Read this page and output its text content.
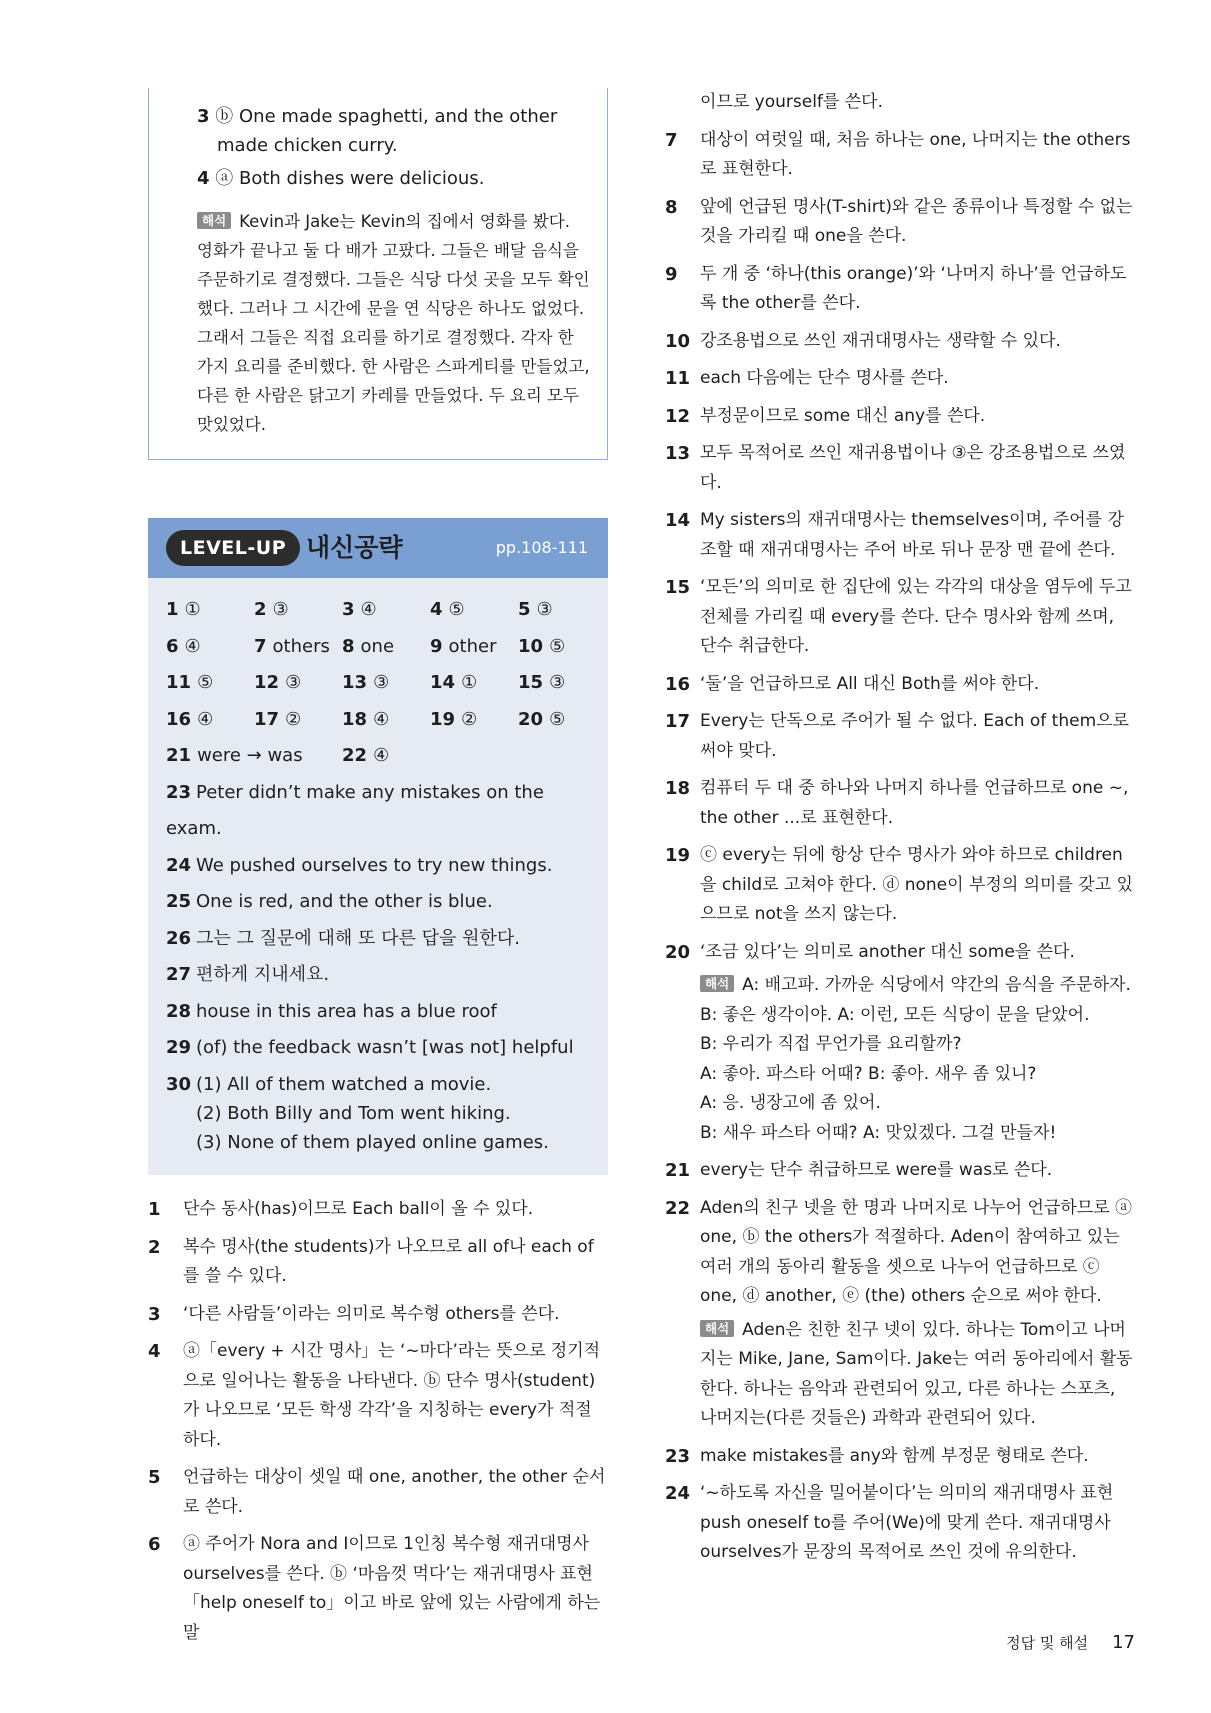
3 ⓑ One made spaghetti, and the other made chicken curry.
4 ⓐ Both dishes were delicious.
해석 Kevin과 Jake는 Kevin의 집에서 영화를 봤다. 영화가 끝나고 둘 다 배가 고팠다. 그들은 배달 음식을 주문하기로 결정했다. 그들은 식당 다섯 곳을 모두 확인했다. 그러나 그 시간에 문을 연 식당은 하나도 없었다. 그래서 그들은 직접 요리를 하기로 결정했다. 각자 한 가지 요리를 준비했다. 한 사람은 스파게티를 만들었고, 다른 한 사람은 닭고기 카레를 만들었다. 두 요리 모두 맛있었다.
LEVEL-UP 내신공략	pp.108-111
1 ①	2 ③	3 ④	4 ⑤	5 ③
6 ④	7 others 8 one	9 other	10 ⑤
11 ⑤	12 ③	13 ③	14 ①	15 ③
16 ④	17 ②	18 ④	19 ②	20 ⑤
21 were → was 22 ④
23 Peter didn’t make any mistakes on the exam.
24 We pushed ourselves to try new things.
25 One is red, and the other is blue.
26 그는 그 질문에 대해 또 다른 답을 원한다.
27 편하게 지내세요.
28 house in this area has a blue roof
29 (of) the feedback wasn’t [was not] helpful
30 (1) All of them watched a movie.
(2) Both Billy and Tom went hiking.
(3) None of them played online games.
1	단수 동사(has)이므로 Each ball이 올 수 있다.
2	복수 명사(the students)가 나오므로 all of나 each of를 쓸 수 있다.
3	‘다른 사람들’이라는 의미로 복수형 others를 쓴다.
4	ⓐ「every + 시간 명사」는 ‘~마다’라는 뜻으로 정기적으로 일어나는 활동을 나타낸다. ⓑ 단수 명사(student)가 나오므로 ‘모든 학생 각각’을 지칭하는 every가 적절하다.
5	언급하는 대상이 셋일 때 one, another, the other 순서로 쓴다.
6	ⓐ 주어가 Nora and I이므로 1인칭 복수형 재귀대명사 ourselves를 쓴다. ⓑ ‘마음껏 먹다’는 재귀대명사 표현「help oneself to」이고 바로 앞에 있는 사람에게 하는 말
이므로 yourself를 쓴다.
7	대상이 여럿일 때, 처음 하나는 one, 나머지는 the others로 표현한다.
8	앞에 언급된 명사(T-shirt)와 같은 종류이나 특정할 수 없는 것을 가리킬 때 one을 쓴다.
9	두 개 중 ‘하나(this orange)’와 ‘나머지 하나’를 언급하도록 the other를 쓴다.
10 강조용법으로 쓰인 재귀대명사는 생략할 수 있다.
11 each 다음에는 단수 명사를 쓴다.
12 부정문이므로 some 대신 any를 쓴다.
13 모두 목적어로 쓰인 재귀용법이나 ③은 강조용법으로 쓰였다.
14 My sisters의 재귀대명사는 themselves이며, 주어를 강조할 때 재귀대명사는 주어 바로 뒤나 문장 맨 끝에 쓴다.
15 ‘모든’의 의미로 한 집단에 있는 각각의 대상을 염두에 두고 전체를 가리킬 때 every를 쓴다. 단수 명사와 함께 쓰며, 단수 취급한다.
16 ‘둘’을 언급하므로 All 대신 Both를 써야 한다.
17 Every는 단독으로 주어가 될 수 없다. Each of them으로 써야 맞다.
18 컴퓨터 두 대 중 하나와 나머지 하나를 언급하므로 one ~, the other ...로 표현한다.
19 ⓒ every는 뒤에 항상 단수 명사가 와야 하므로 children을 child로 고쳐야 한다. ⓓ none이 부정의 의미를 갖고 있으므로 not을 쓰지 않는다.
20 ‘조금 있다’는 의미로 another 대신 some을 쓴다.
해석 A: 배고파. 가까운 식당에서 약간의 음식을 주문하자.
B: 좋은 생각이야. A: 이런, 모든 식당이 문을 닫았어.
B: 우리가 직접 무언가를 요리할까?
A: 좋아. 파스타 어때? B: 좋아. 새우 좀 있니?
A: 응. 냉장고에 좀 있어.
B: 새우 파스타 어때? A: 맛있겠다. 그걸 만들자!
21 every는 단수 취급하므로 were를 was로 쓴다.
22 Aden의 친구 넷을 한 명과 나머지로 나누어 언급하므로 ⓐ one, ⓑ the others가 적절하다. Aden이 참여하고 있는 여러 개의 동아리 활동을 셋으로 나누어 언급하므로 ⓒ one, ⓓ another, ⓔ (the) others 순으로 써야 한다.
해석 Aden은 친한 친구 넷이 있다. 하나는 Tom이고 나머지는 Mike, Jane, Sam이다. Jake는 여러 동아리에서 활동한다. 하나는 음악과 관련되어 있고, 다른 하나는 스포츠, 나머지는(다른 것들은) 과학과 관련되어 있다.
23 make mistakes를 any와 함께 부정문 형태로 쓴다.
24 ‘~하도록 자신을 밀어붙이다’는 의미의 재귀대명사 표현 push oneself to를 주어(We)에 맞게 쓴다. 재귀대명사 ourselves가 문장의 목적어로 쓰인 것에 유의한다.
정답 및 해설 17
